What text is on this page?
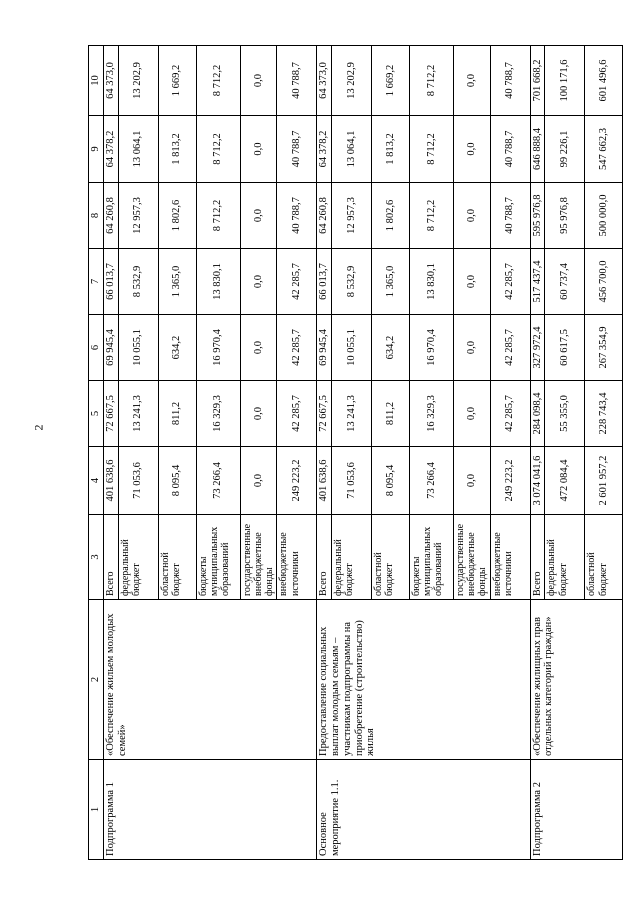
2
1	2	3	4	5	6	7	8	9	10
Подпрограмма 1	«Обеспечение жильем молодых семей»	Всего	401 638,6	72 667,5	69 945,4	66 013,7	64 260,8	64 378,2	64 373,0
		федеральный бюджет	71 053,6	13 241,3	10 055,1	8 532,9	12 957,3	13 064,1	13 202,9
		областной бюджет	8 095,4	811,2	634,2	1 365,0	1 802,6	1 813,2	1 669,2
		бюджеты муниципальных образований	73 266,4	16 329,3	16 970,4	13 830,1	8 712,2	8 712,2	8 712,2
		государственные внебюджетные фонды	0,0	0,0	0,0	0,0	0,0	0,0	0,0
		внебюджетные источники	249 223,2	42 285,7	42 285,7	42 285,7	40 788,7	40 788,7	40 788,7
Основное мероприятие 1.1.	Предоставление социальных выплат молодым семьям – участникам подпрограммы на приобретение (строительство) жилья	Всего	401 638,6	72 667,5	69 945,4	66 013,7	64 260,8	64 378,2	64 373,0
		федеральный бюджет	71 053,6	13 241,3	10 055,1	8 532,9	12 957,3	13 064,1	13 202,9
		областной бюджет	8 095,4	811,2	634,2	1 365,0	1 802,6	1 813,2	1 669,2
		бюджеты муниципальных образований	73 266,4	16 329,3	16 970,4	13 830,1	8 712,2	8 712,2	8 712,2
		государственные внебюджетные фонды	0,0	0,0	0,0	0,0	0,0	0,0	0,0
		внебюджетные источники	249 223,2	42 285,7	42 285,7	42 285,7	40 788,7	40 788,7	40 788,7
Подпрограмма 2	«Обеспечение жилищных прав отдельных категорий граждан»	Всего	3 074 041,6	284 098,4	327 972,4	517 437,4	595 976,8	646 888,4	701 668,2
		федеральный бюджет	472 084,4	55 355,0	60 617,5	60 737,4	95 976,8	99 226,1	100 171,6
		областной бюджет	2 601 957,2	228 743,4	267 354,9	456 700,0	500 000,0	547 662,3	601 496,6
